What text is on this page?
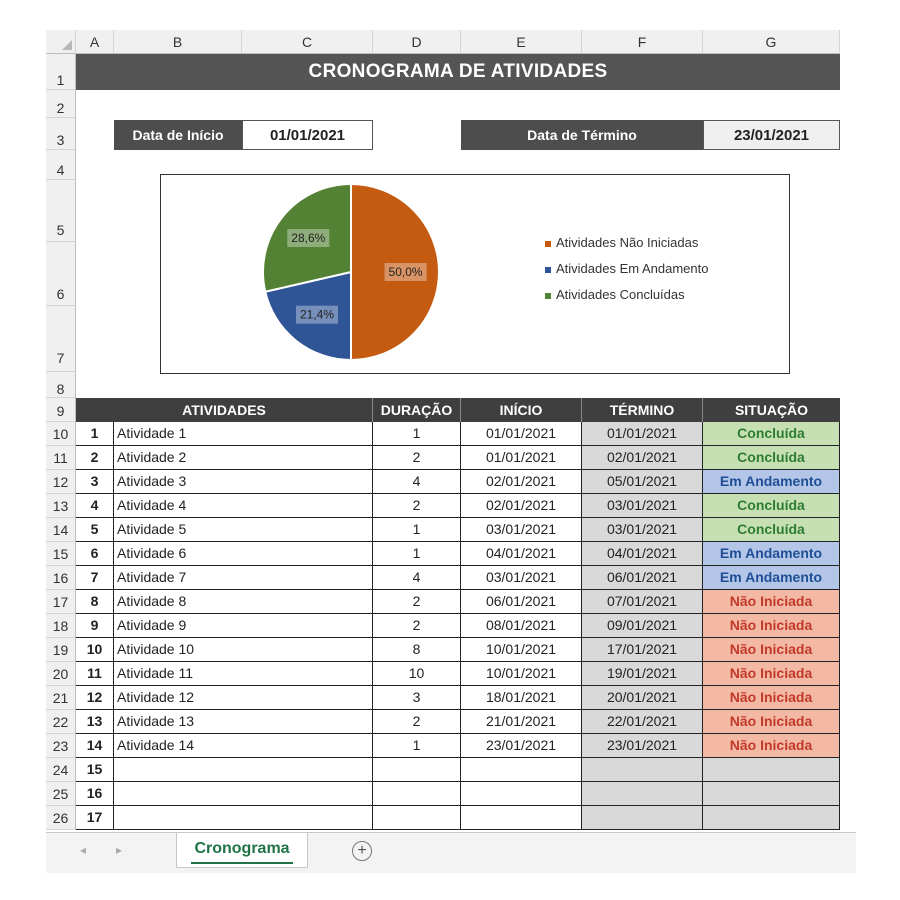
A	B	C	D	E	F	G
1
2
3
4
5
6
7
8
9
CRONOGRAMA DE ATIVIDADES
Data de Início	01/01/2021	Data de Término	23/01/2021
50,0%
21,4%
28,6%	Atividades Não Iniciadas
Atividades Em Andamento
Atividades Concluídas
ATIVIDADES	DURAÇÃO	INÍCIO	TÉRMINO	SITUAÇÃO
10	1	Atividade 1	1	01/01/2021	01/01/2021	Concluída
11	2	Atividade 2	2	01/01/2021	02/01/2021	Concluída
12	3	Atividade 3	4	02/01/2021	05/01/2021	Em Andamento
13	4	Atividade 4	2	02/01/2021	03/01/2021	Concluída
14	5	Atividade 5	1	03/01/2021	03/01/2021	Concluída
15	6	Atividade 6	1	04/01/2021	04/01/2021	Em Andamento
16	7	Atividade 7	4	03/01/2021	06/01/2021	Em Andamento
17	8	Atividade 8	2	06/01/2021	07/01/2021	Não Iniciada
18	9	Atividade 9	2	08/01/2021	09/01/2021	Não Iniciada
19	10	Atividade 10	8	10/01/2021	17/01/2021	Não Iniciada
20	11	Atividade 11	10	10/01/2021	19/01/2021	Não Iniciada
21	12	Atividade 12	3	18/01/2021	20/01/2021	Não Iniciada
22	13	Atividade 13	2	21/01/2021	22/01/2021	Não Iniciada
23	14	Atividade 14	1	23/01/2021	23/01/2021	Não Iniciada
24	15
25	16
26	17
◂ ▸	Cronograma	+
